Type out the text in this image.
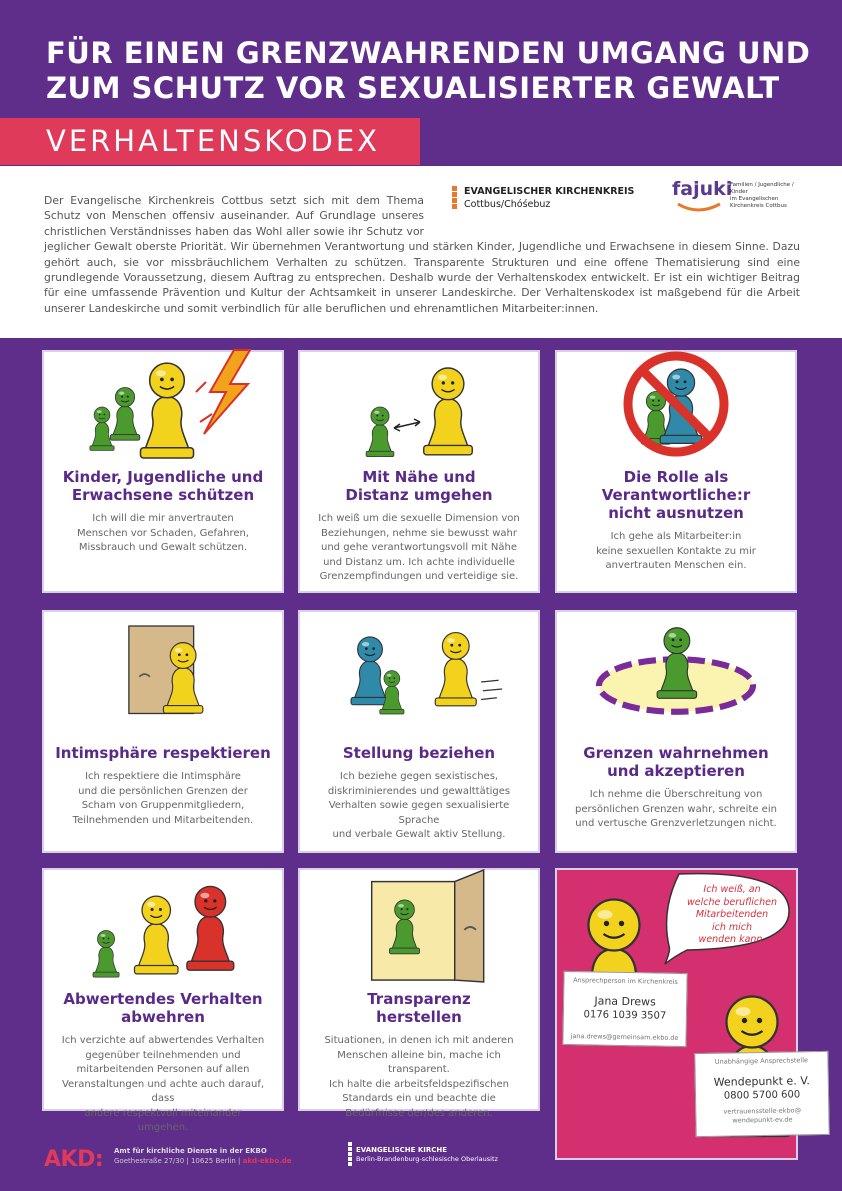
FÜR EINEN GRENZWAHRENDEN UMGANG UND
ZUM SCHUTZ VOR SEXUALISIERTER GEWALT
VERHALTENSKODEX
EVANGELISCHER KIRCHENKREIS
Cottbus/Chóśebuz
fajuki
Familien / Jugendliche / Kinder
im Evangelischen
Kirchenkreis Cottbus

Der Evangelische Kirchenkreis Cottbus setzt sich mit dem Thema Schutz von Menschen offensiv auseinander. Auf Grundlage unseres christlichen Verständnisses haben das Wohl aller sowie ihr Schutz vor jeglicher Gewalt oberste Priorität. Wir übernehmen Verantwortung und stärken Kinder, Jugendliche und Erwachsene in diesem Sinne. Dazu gehört auch, sie vor missbräuchlichem Verhalten zu schützen. Transparente Strukturen und eine offene Thematisierung sind eine grundlegende Voraussetzung, diesem Auftrag zu entsprechen. Deshalb wurde der Verhaltenskodex entwickelt. Er ist ein wichtiger Beitrag für eine umfassende Prävention und Kultur der Achtsamkeit in unserer Landeskirche. Der Verhaltenskodex ist maßgebend für die Arbeit unserer Landeskirche und somit verbindlich für alle beruflichen und ehrenamtlichen Mitarbeiter:innen.

Kinder, Jugendliche und
Erwachsene schützen

Ich will die mir anvertrauten
Menschen vor Schaden, Gefahren,
Missbrauch und Gewalt schützen.

Mit Nähe und
Distanz umgehen

Ich weiß um die sexuelle Dimension von
Beziehungen, nehme sie bewusst wahr
und gehe verantwortungsvoll mit Nähe
und Distanz um. Ich achte individuelle
Grenzempfindungen und verteidige sie.

Die Rolle als
Verantwortliche:r
nicht ausnutzen

Ich gehe als Mitarbeiter:in
keine sexuellen Kontakte zu mir
anvertrauten Menschen ein.

Intimsphäre respektieren

Ich respektiere die Intimsphäre
und die persönlichen Grenzen der
Scham von Gruppenmitgliedern,
Teilnehmenden und Mitarbeitenden.

Stellung beziehen

Ich beziehe gegen sexistisches,
diskriminierendes und gewalttätiges
Verhalten sowie gegen sexualisierte Sprache
und verbale Gewalt aktiv Stellung.

Grenzen wahrnehmen
und akzeptieren

Ich nehme die Überschreitung von
persönlichen Grenzen wahr, schreite ein
und vertusche Grenzverletzungen nicht.

Abwertendes Verhalten
abwehren

Ich verzichte auf abwertendes Verhalten
gegenüber teilnehmenden und
mitarbeitenden Personen auf allen
Veranstaltungen und achte auch darauf, dass
andere respektvoll miteinander umgehen.

Transparenz
herstellen

Situationen, in denen ich mit anderen
Menschen alleine bin, mache ich transparent.
Ich halte die arbeitsfeldspezifischen
Standards ein und beachte die
Bedürfnisse der/des anderen.

Ich weiß, an
welche beruflichen
Mitarbeitenden
ich mich
wenden kann.
Ansprechperson im Kirchenkreis
Jana Drews
0176 1039 3507
jana.drews@gemeinsam.ekbo.de
Unabhängige Ansprechstelle
Wendepunkt e. V.
0800 5700 600
vertrauensstelle-ekbo@
wendepunkt-ev.de
AKD: Amt für kirchliche Dienste in der EKBO
Goethestraße 27/30 | 10625 Berlin | akd-ekbo.de
EVANGELISCHE KIRCHE
Berlin-Brandenburg-schlesische Oberlausitz
